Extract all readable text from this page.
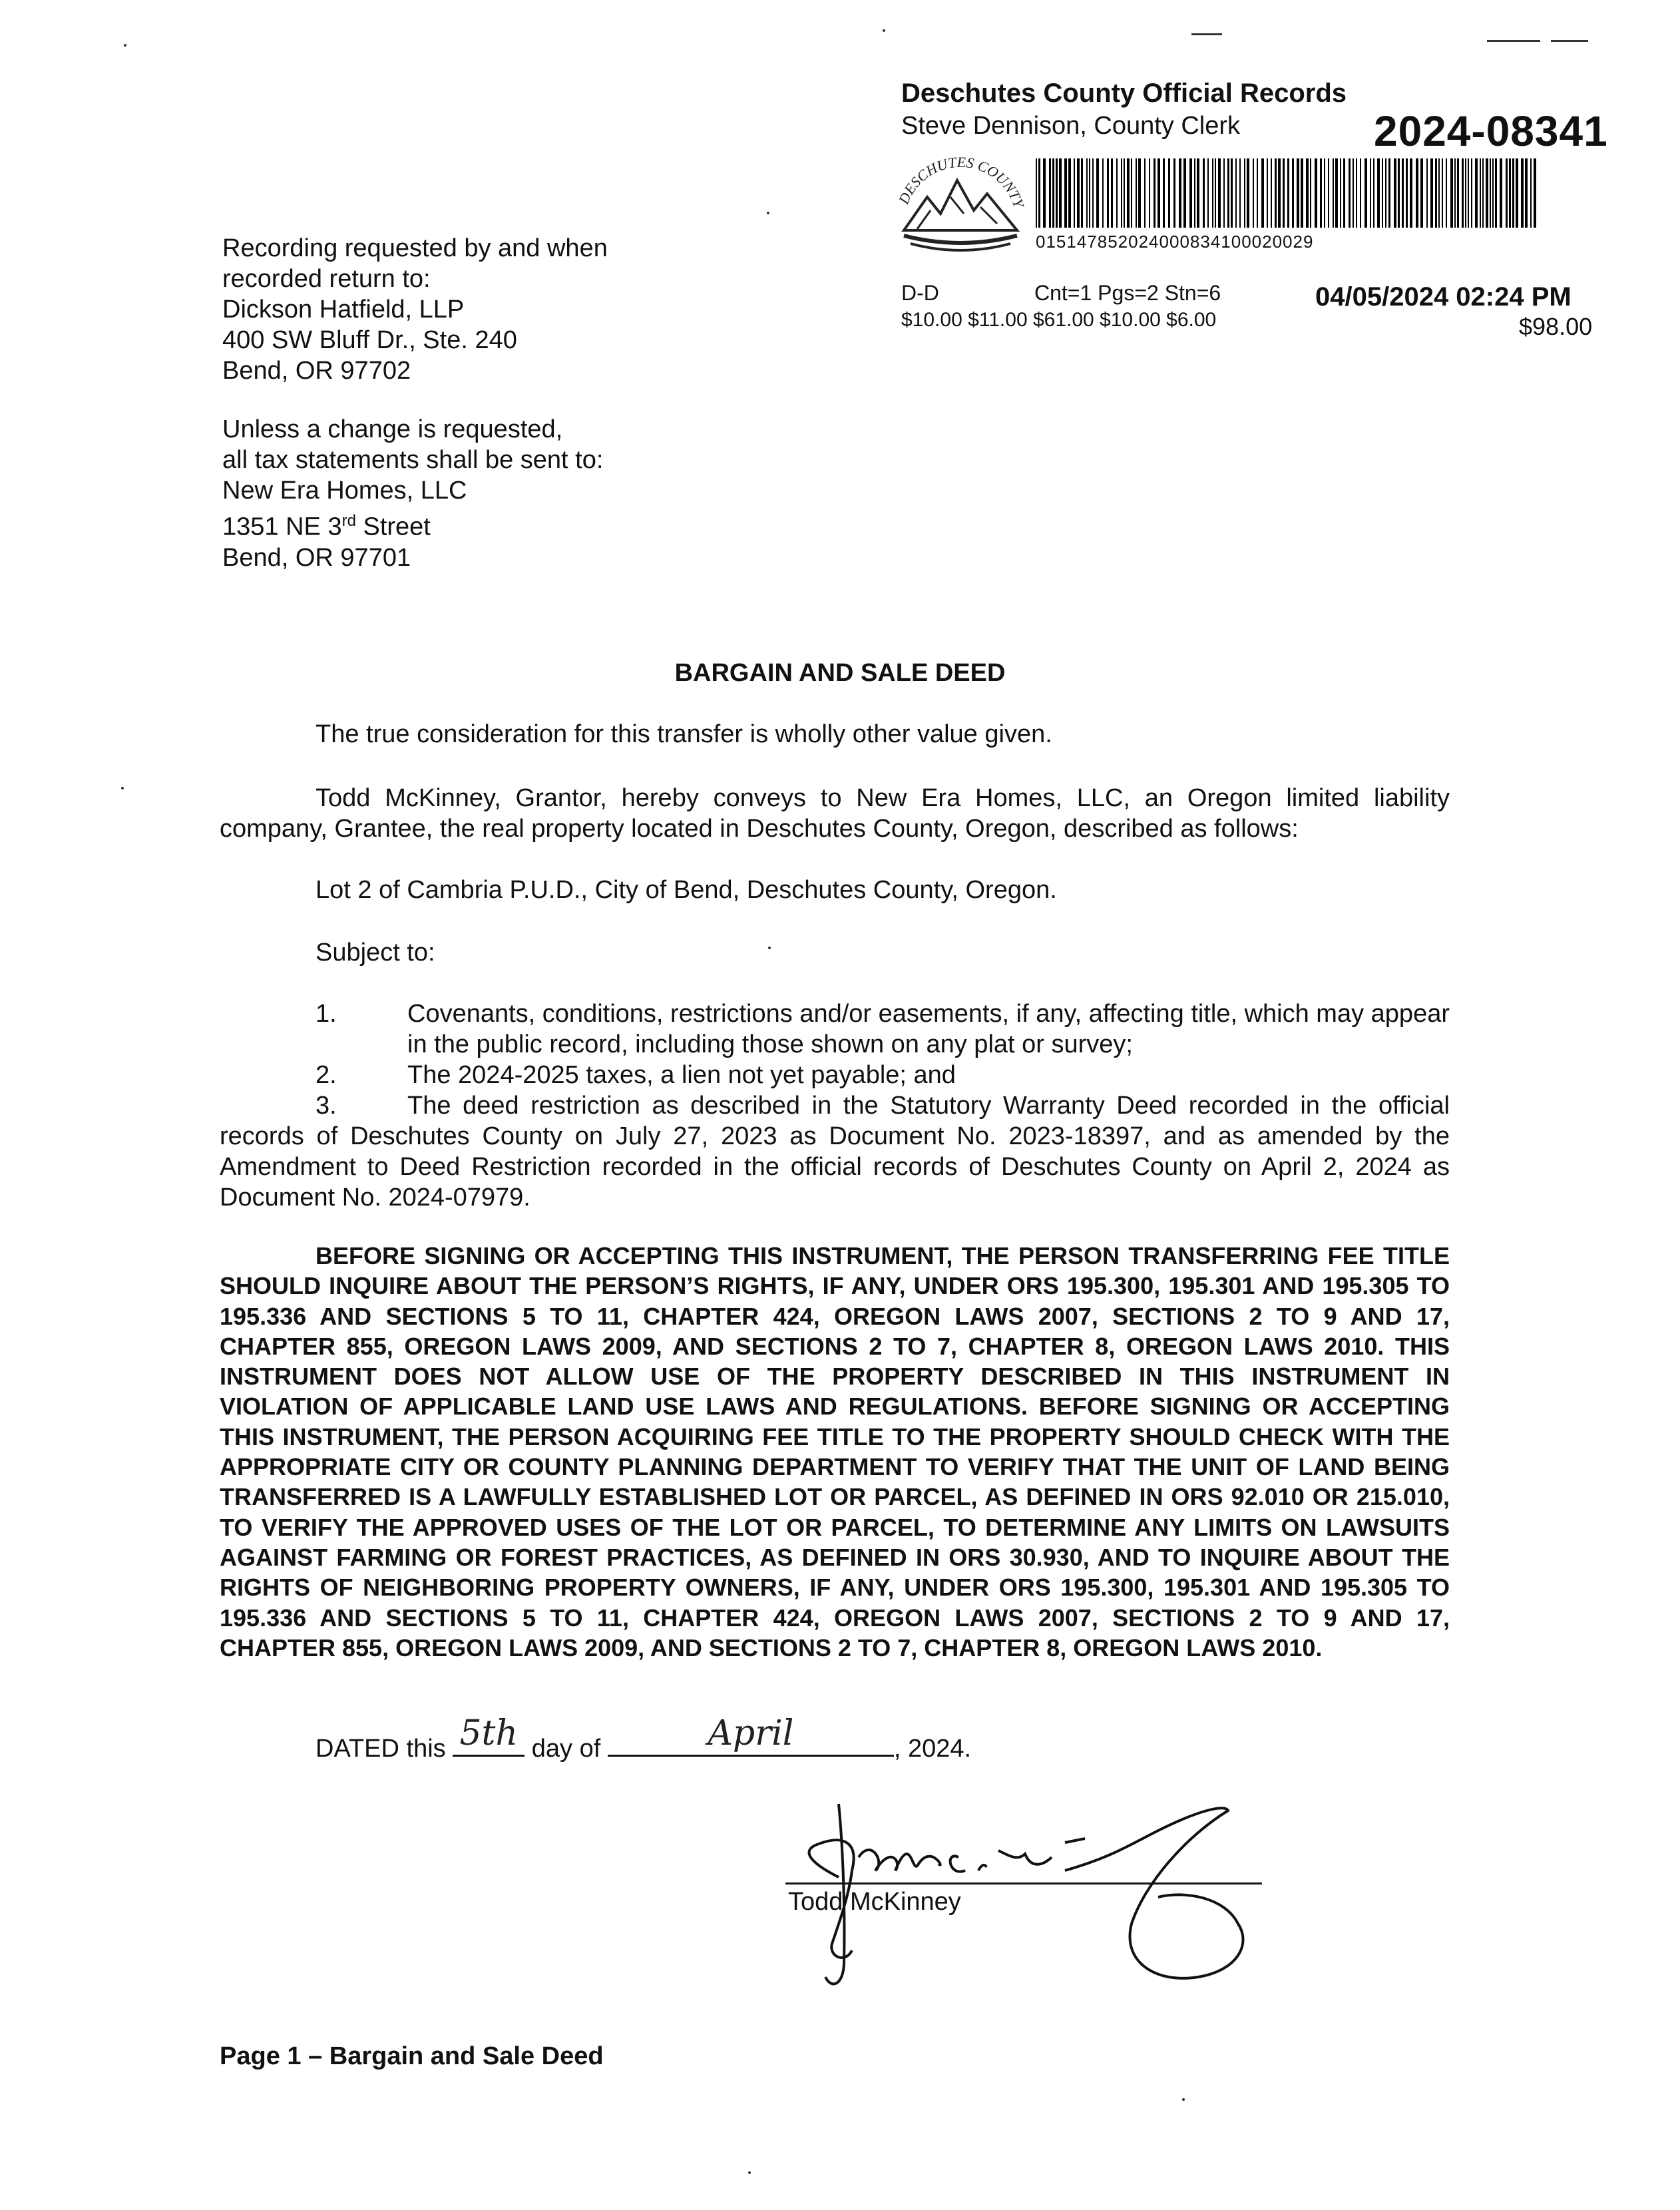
Deschutes County Official Records
Steve Dennison, County Clerk	2024-08341
DESCHUTES COUNTY
015147852024000834100020029
D-D	Cnt=1 Pgs=2 Stn=6	04/05/2024 02:24 PM
$10.00 $11.00 $61.00 $10.00 $6.00	$98.00
Recording requested by and when
recorded return to:
Dickson Hatfield, LLP
400 SW Bluff Dr., Ste. 240
Bend, OR 97702
Unless a change is requested,
all tax statements shall be sent to:
New Era Homes, LLC
1351 NE 3rd Street
Bend, OR 97701
BARGAIN AND SALE DEED
The true consideration for this transfer is wholly other value given.
Todd McKinney, Grantor, hereby conveys to New Era Homes, LLC, an Oregon limited liability company, Grantee, the real property located in Deschutes County, Oregon, described as follows:
Lot 2 of Cambria P.U.D., City of Bend, Deschutes County, Oregon.
Subject to:
1.	Covenants, conditions, restrictions and/or easements, if any, affecting title, which may appear in the public record, including those shown on any plat or survey;
2.	The 2024-2025 taxes, a lien not yet payable; and
3.	The deed restriction as described in the Statutory Warranty Deed recorded in the official records of Deschutes County on July 27, 2023 as Document No. 2023-18397, and as amended by the Amendment to Deed Restriction recorded in the official records of Deschutes County on April 2, 2024 as Document No. 2024-07979.
BEFORE SIGNING OR ACCEPTING THIS INSTRUMENT, THE PERSON TRANSFERRING FEE TITLE SHOULD INQUIRE ABOUT THE PERSON’S RIGHTS, IF ANY, UNDER ORS 195.300, 195.301 AND 195.305 TO 195.336 AND SECTIONS 5 TO 11, CHAPTER 424, OREGON LAWS 2007, SECTIONS 2 TO 9 AND 17, CHAPTER 855, OREGON LAWS 2009, AND SECTIONS 2 TO 7, CHAPTER 8, OREGON LAWS 2010. THIS INSTRUMENT DOES NOT ALLOW USE OF THE PROPERTY DESCRIBED IN THIS INSTRUMENT IN VIOLATION OF APPLICABLE LAND USE LAWS AND REGULATIONS. BEFORE SIGNING OR ACCEPTING THIS INSTRUMENT, THE PERSON ACQUIRING FEE TITLE TO THE PROPERTY SHOULD CHECK WITH THE APPROPRIATE CITY OR COUNTY PLANNING DEPARTMENT TO VERIFY THAT THE UNIT OF LAND BEING TRANSFERRED IS A LAWFULLY ESTABLISHED LOT OR PARCEL, AS DEFINED IN ORS 92.010 OR 215.010, TO VERIFY THE APPROVED USES OF THE LOT OR PARCEL, TO DETERMINE ANY LIMITS ON LAWSUITS AGAINST FARMING OR FOREST PRACTICES, AS DEFINED IN ORS 30.930, AND TO INQUIRE ABOUT THE RIGHTS OF NEIGHBORING PROPERTY OWNERS, IF ANY, UNDER ORS 195.300, 195.301 AND 195.305 TO 195.336 AND SECTIONS 5 TO 11, CHAPTER 424, OREGON LAWS 2007, SECTIONS 2 TO 9 AND 17, CHAPTER 855, OREGON LAWS 2009, AND SECTIONS 2 TO 7, CHAPTER 8, OREGON LAWS 2010.
DATED this 5th day of	April	, 2024.
Todd McKinney
Page 1 – Bargain and Sale Deed
